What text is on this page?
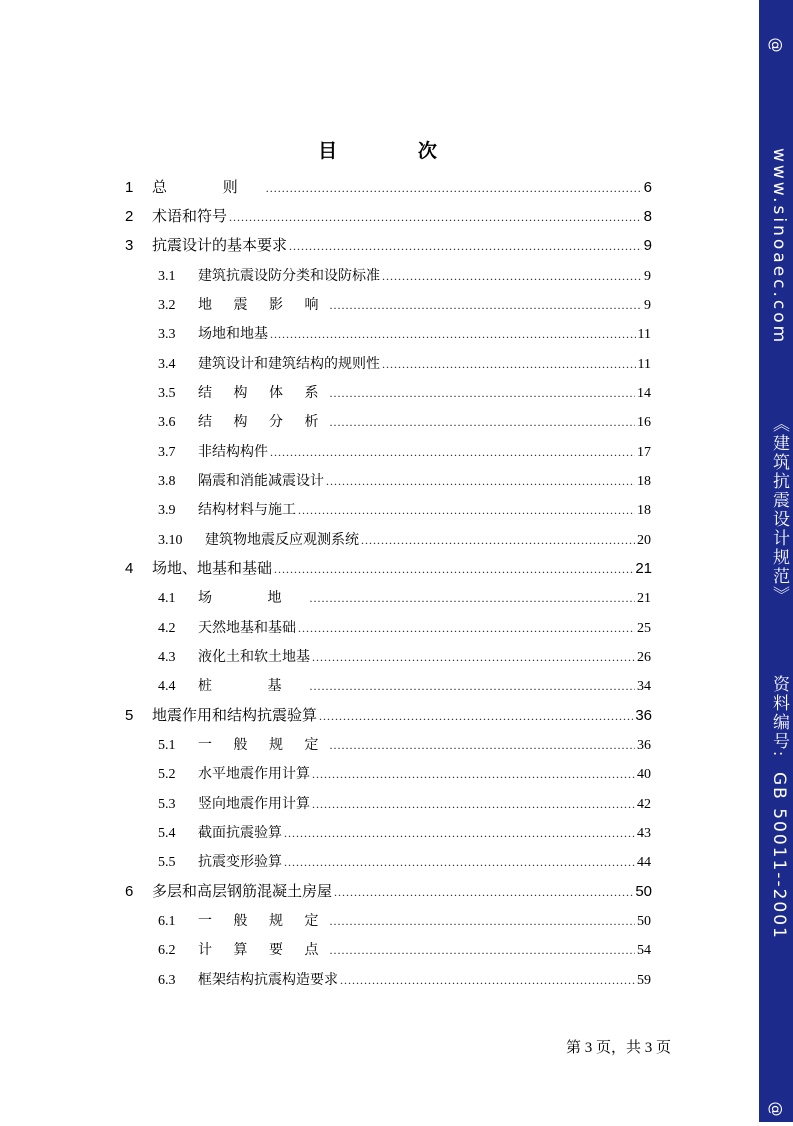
@
www.sinoaec.com《建筑抗震设计规范》资料编号:GB 50011--2001
@
目 次
1	总 则 .....	6
2	术语和符号 .....	8
3	抗震设计的基本要求 .....	9
3.1	建筑抗震设防分类和设防标准 .....	9
3.2	地 震 影 响 .....	9
3.3	场地和地基 .....	11
3.4	建筑设计和建筑结构的规则性 .....	11
3.5	结 构 体 系 .....	14
3.6	结 构 分 析 .....	16
3.7	非结构构件 .....	17
3.8	隔震和消能减震设计 .....	18
3.9	结构材料与施工 .....	18
3.10	建筑物地震反应观测系统 .....	20
4	场地、地基和基础 .....	21
4.1	场 地 .....	21
4.2	天然地基和基础 .....	25
4.3	液化土和软土地基 .....	26
4.4	桩 基 .....	34
5	地震作用和结构抗震验算 .....	36
5.1	一 般 规 定 .....	36
5.2	水平地震作用计算 .....	40
5.3	竖向地震作用计算 .....	42
5.4	截面抗震验算 .....	43
5.5	抗震变形验算 .....	44
6	多层和高层钢筋混凝土房屋 .....	50
6.1	一 般 规 定 .....	50
6.2	计 算 要 点 .....	54
6.3	框架结构抗震构造要求 .....	59
第 3 页，共 3 页
